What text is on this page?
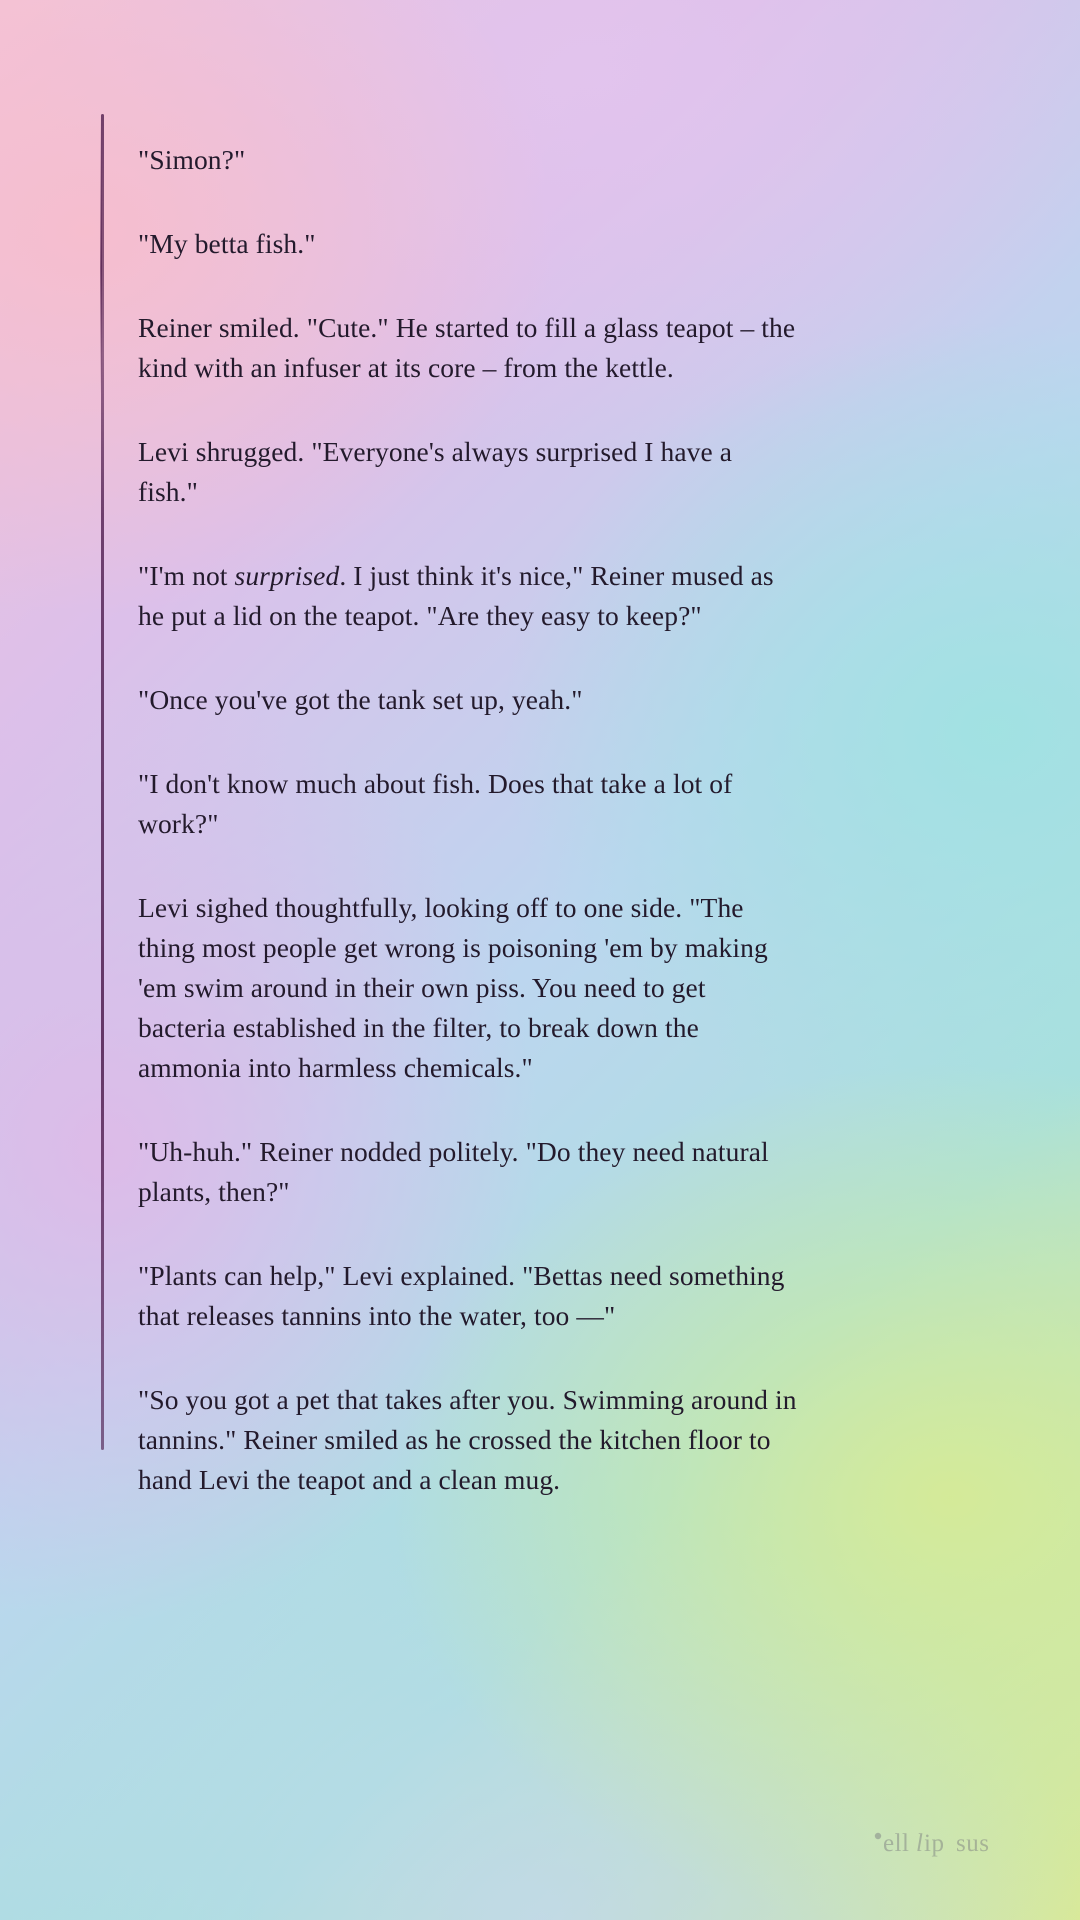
"Simon?"

"My betta fish."

Reiner smiled. "Cute." He started to fill a glass teapot – the kind with an infuser at its core – from the kettle.

Levi shrugged. "Everyone's always surprised I have a fish."

"I'm not surprised. I just think it's nice," Reiner mused as he put a lid on the teapot. "Are they easy to keep?"

"Once you've got the tank set up, yeah."

"I don't know much about fish. Does that take a lot of work?"

Levi sighed thoughtfully, looking off to one side. "The thing most people get wrong is poisoning 'em by making 'em swim around in their own piss. You need to get bacteria established in the filter, to break down the ammonia into harmless chemicals."

"Uh-huh." Reiner nodded politely. "Do they need natural plants, then?"

"Plants can help," Levi explained. "Bettas need something that releases tannins into the water, too —"

"So you got a pet that takes after you. Swimming around in tannins." Reiner smiled as he crossed the kitchen floor to hand Levi the teapot and a clean mug.

ell l ip sus
